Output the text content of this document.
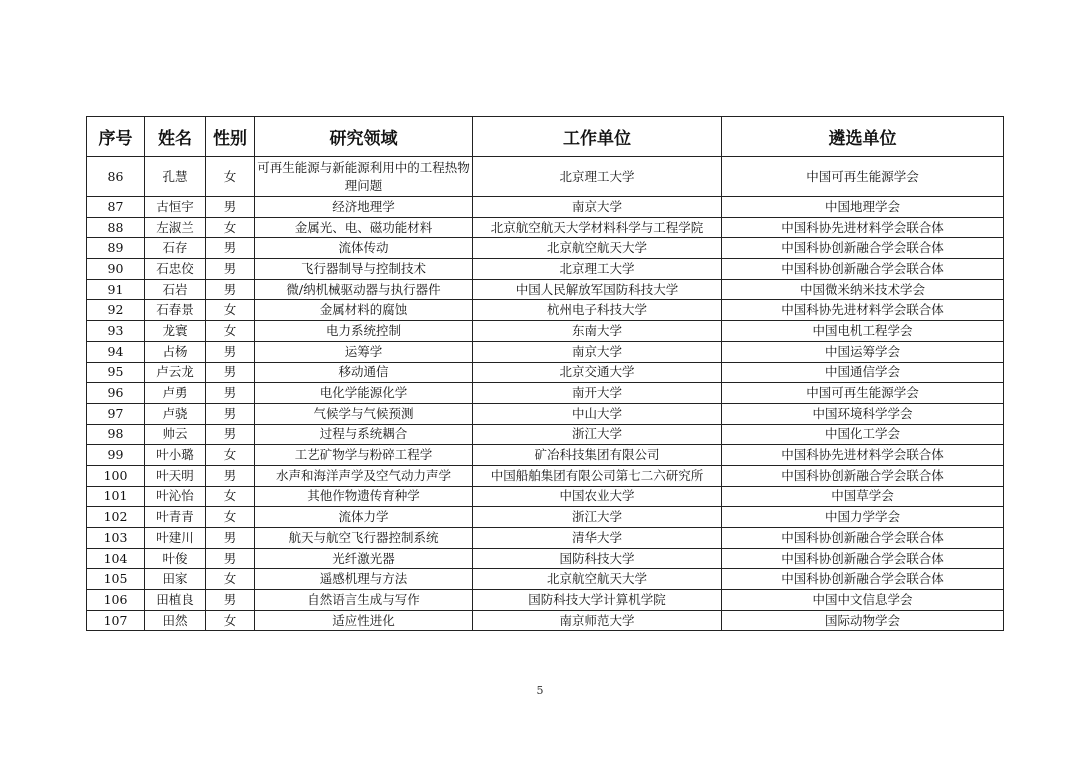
序号	姓名	性别	研究领域	工作单位	遴选单位
86	孔慧	女	可再生能源与新能源利用中的工程热物理问题	北京理工大学	中国可再生能源学会
87	古恒宇	男	经济地理学	南京大学	中国地理学会
88	左淑兰	女	金属光、电、磁功能材料	北京航空航天大学材料科学与工程学院	中国科协先进材料学会联合体
89	石存	男	流体传动	北京航空航天大学	中国科协创新融合学会联合体
90	石忠佼	男	飞行器制导与控制技术	北京理工大学	中国科协创新融合学会联合体
91	石岩	男	微/纳机械驱动器与执行器件	中国人民解放军国防科技大学	中国微米纳米技术学会
92	石春景	女	金属材料的腐蚀	杭州电子科技大学	中国科协先进材料学会联合体
93	龙寰	女	电力系统控制	东南大学	中国电机工程学会
94	占杨	男	运筹学	南京大学	中国运筹学会
95	卢云龙	男	移动通信	北京交通大学	中国通信学会
96	卢勇	男	电化学能源化学	南开大学	中国可再生能源学会
97	卢骁	男	气候学与气候预测	中山大学	中国环境科学学会
98	帅云	男	过程与系统耦合	浙江大学	中国化工学会
99	叶小璐	女	工艺矿物学与粉碎工程学	矿冶科技集团有限公司	中国科协先进材料学会联合体
100	叶天明	男	水声和海洋声学及空气动力声学	中国船舶集团有限公司第七二六研究所	中国科协创新融合学会联合体
101	叶沁怡	女	其他作物遗传育种学	中国农业大学	中国草学会
102	叶青青	女	流体力学	浙江大学	中国力学学会
103	叶建川	男	航天与航空飞行器控制系统	清华大学	中国科协创新融合学会联合体
104	叶俊	男	光纤激光器	国防科技大学	中国科协创新融合学会联合体
105	田家	女	遥感机理与方法	北京航空航天大学	中国科协创新融合学会联合体
106	田植良	男	自然语言生成与写作	国防科技大学计算机学院	中国中文信息学会
107	田然	女	适应性进化	南京师范大学	国际动物学会
5
